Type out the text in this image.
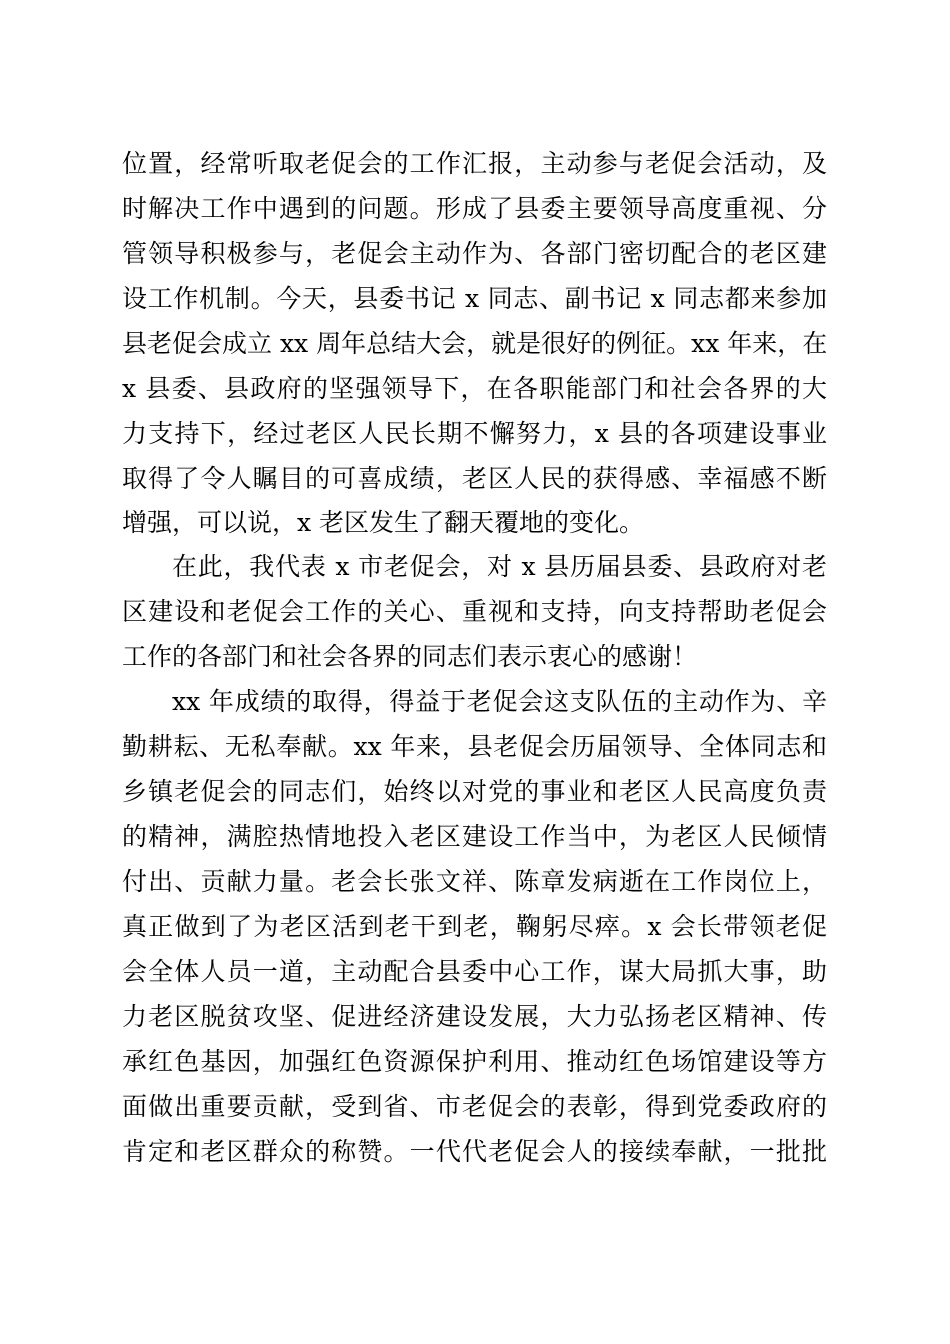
位置，经常听取老促会的工作汇报，主动参与老促会活动，及
时解决工作中遇到的问题。形成了县委主要领导高度重视、分
管领导积极参与，老促会主动作为、各部门密切配合的老区建
设工作机制。今天，县委书记 x 同志、副书记 x 同志都来参加
县老促会成立 xx 周年总结大会，就是很好的例征。xx 年来，在
x 县委、县政府的坚强领导下，在各职能部门和社会各界的大
力支持下，经过老区人民长期不懈努力，x 县的各项建设事业
取得了令人瞩目的可喜成绩，老区人民的获得感、幸福感不断
增强，可以说，x 老区发生了翻天覆地的变化。
在此，我代表 x 市老促会，对 x 县历届县委、县政府对老
区建设和老促会工作的关心、重视和支持，向支持帮助老促会
工作的各部门和社会各界的同志们表示衷心的感谢！
xx 年成绩的取得，得益于老促会这支队伍的主动作为、辛
勤耕耘、无私奉献。xx 年来，县老促会历届领导、全体同志和
乡镇老促会的同志们，始终以对党的事业和老区人民高度负责
的精神，满腔热情地投入老区建设工作当中，为老区人民倾情
付出、贡献力量。老会长张文祥、陈章发病逝在工作岗位上，
真正做到了为老区活到老干到老，鞠躬尽瘁。x 会长带领老促
会全体人员一道，主动配合县委中心工作，谋大局抓大事，助
力老区脱贫攻坚、促进经济建设发展，大力弘扬老区精神、传
承红色基因，加强红色资源保护利用、推动红色场馆建设等方
面做出重要贡献，受到省、市老促会的表彰，得到党委政府的
肯定和老区群众的称赞。一代代老促会人的接续奉献，一批批
